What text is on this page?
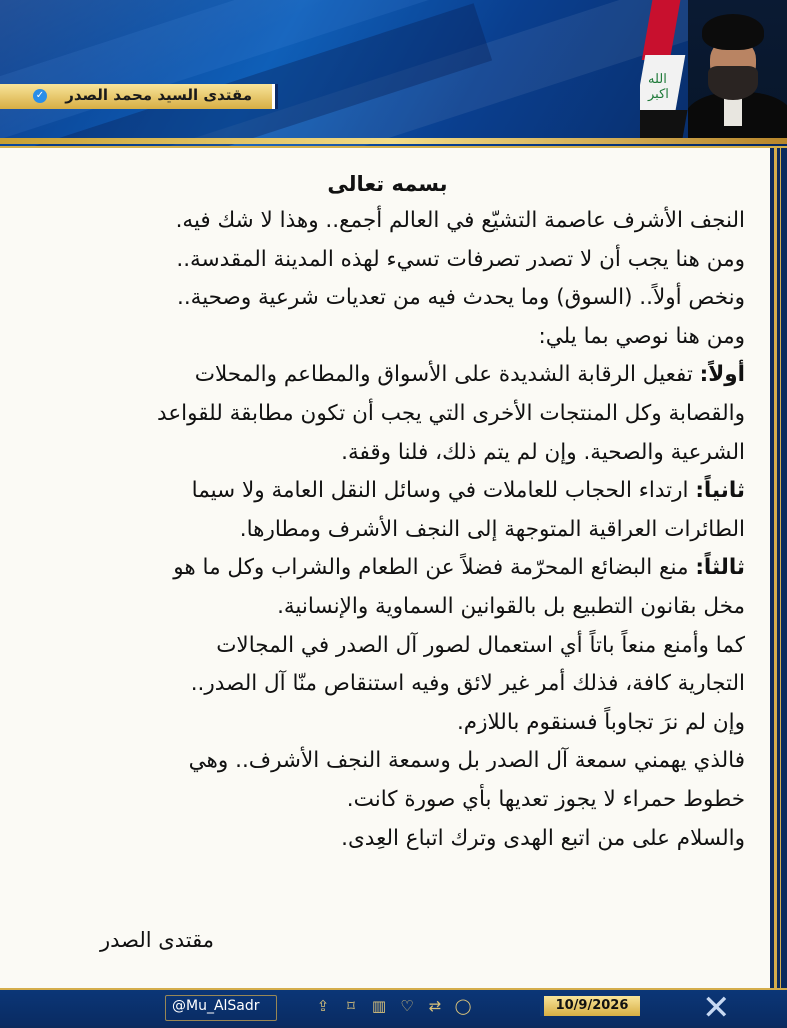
✓ مقتدى السيد محمد الصدر
الله اكبر
بسمه تعالى
النجف الأشرف عاصمة التشيّع في العالم أجمع.. وهذا لا شك فيه.
ومن هنا يجب أن لا تصدر تصرفات تسيء لهذه المدينة المقدسة..
ونخص أولاً.. (السوق) وما يحدث فيه من تعديات شرعية وصحية..
ومن هنا نوصي بما يلي:
أولاً: تفعيل الرقابة الشديدة على الأسواق والمطاعم والمحلات
والقصابة وكل المنتجات الأخرى التي يجب أن تكون مطابقة للقواعد
الشرعية والصحية. وإن لم يتم ذلك، فلنا وقفة.
ثانياً: ارتداء الحجاب للعاملات في وسائل النقل العامة ولا سيما
الطائرات العراقية المتوجهة إلى النجف الأشرف ومطارها.
ثالثاً: منع البضائع المحرّمة فضلاً عن الطعام والشراب وكل ما هو
مخل بقانون التطبيع بل بالقوانين السماوية والإنسانية.
كما وأمنع منعاً باتاً أي استعمال لصور آل الصدر في المجالات
التجارية كافة، فذلك أمر غير لائق وفيه استنقاص منّا آل الصدر..
وإن لم نرَ تجاوباً فسنقوم باللازم.
فالذي يهمني سمعة آل الصدر بل وسمعة النجف الأشرف.. وهي
خطوط حمراء لا يجوز تعديها بأي صورة كانت.
والسلام على من اتبع الهدى وترك اتباع العِدى.
مقتدى الصدر
@Mu_AlSadr	⇪	⌑	▥ ♡ ⇄ ◯	10/9/2026	✕
